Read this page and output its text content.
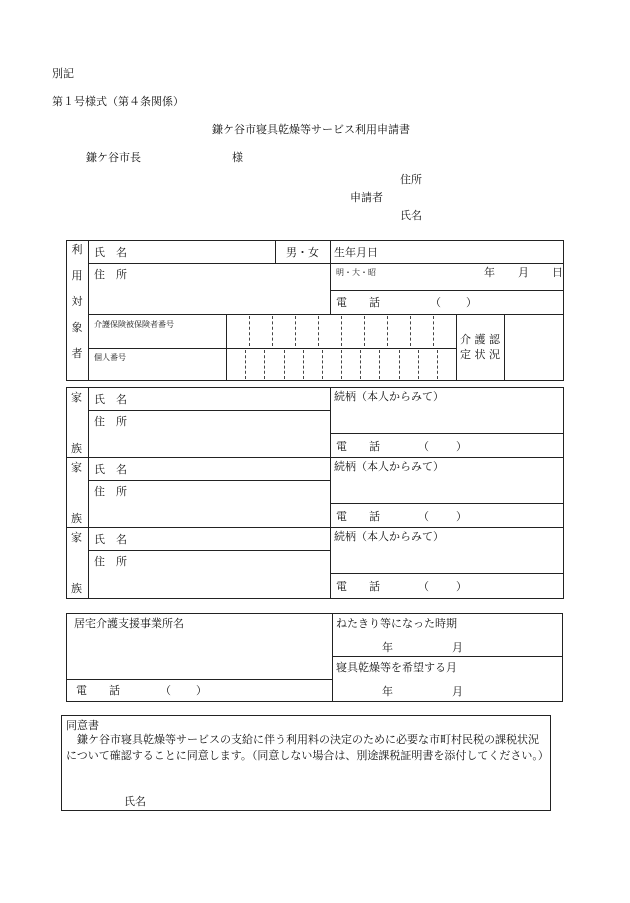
別記
第１号様式（第４条関係）
鎌ケ谷市寝具乾燥等サービス利用申請書
鎌ケ谷市長	様
住所
申請者
氏名
利
用
対
象
者
氏　名	男・女 生年月日
住　所	明・大・昭	年 月 日
電　　話	（ ）
介護保険被保険者番号
個人番号
介 護 認
定 状 況
家
族
氏　名
住　所
続柄（本人からみて）
電　　話	（ ）
家
族
氏　名
住　所
続柄（本人からみて）
電　　話	（ ）
家
族
氏　名
住　所
続柄（本人からみて）
電　　話	（ ）
居宅介護支援事業所名
電　　話	（ ）
ねたきり等になった時期
年	月
寝具乾燥等を希望する月
年	月
同意書
鎌ケ谷市寝具乾燥等サービスの支給に伴う利用料の決定のために必要な市町村民税の課税状況について確認することに同意します。（同意しない場合は、別途課税証明書を添付してください。）
氏名
